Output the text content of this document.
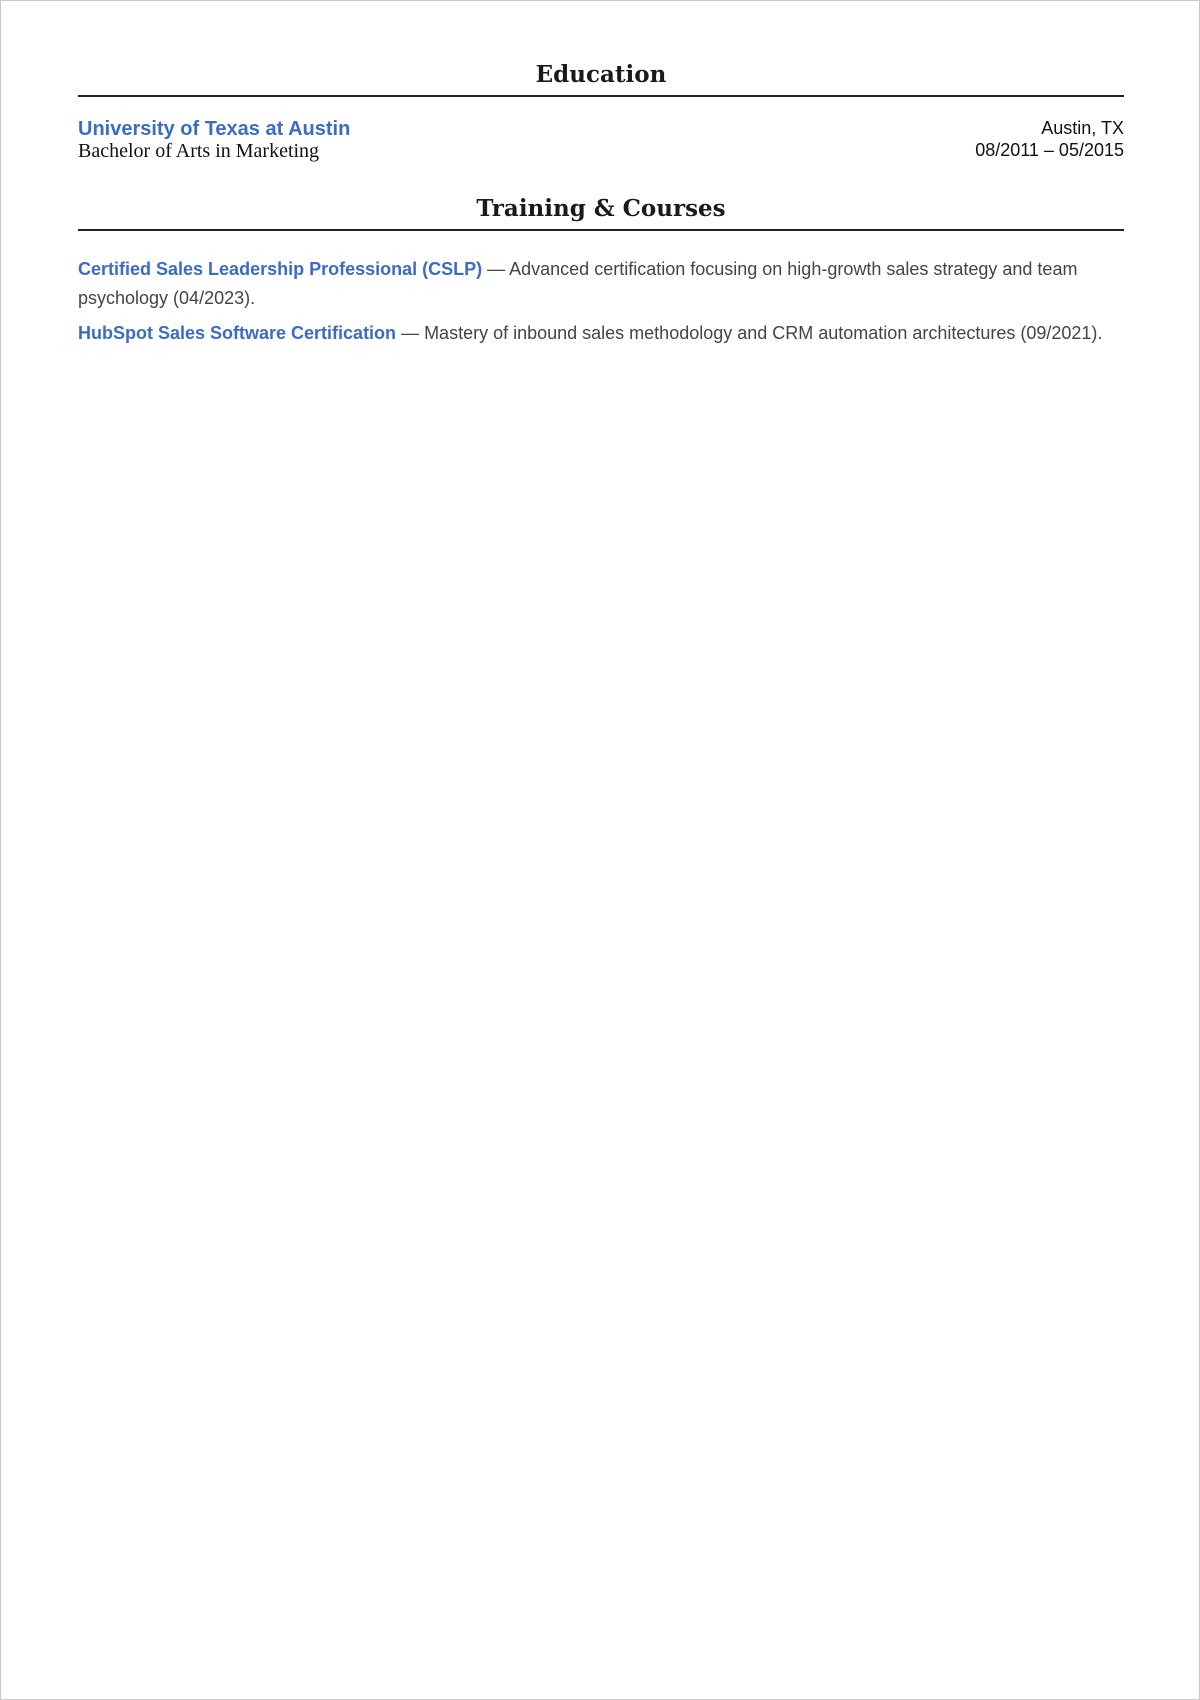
Education
University of Texas at Austin
Bachelor of Arts in Marketing
Austin, TX
08/2011 – 05/2015
Training & Courses

Certified Sales Leadership Professional (CSLP) — Advanced certification focusing on high-growth sales strategy and team psychology (04/2023).

HubSpot Sales Software Certification — Mastery of inbound sales methodology and CRM automation architectures (09/2021).
